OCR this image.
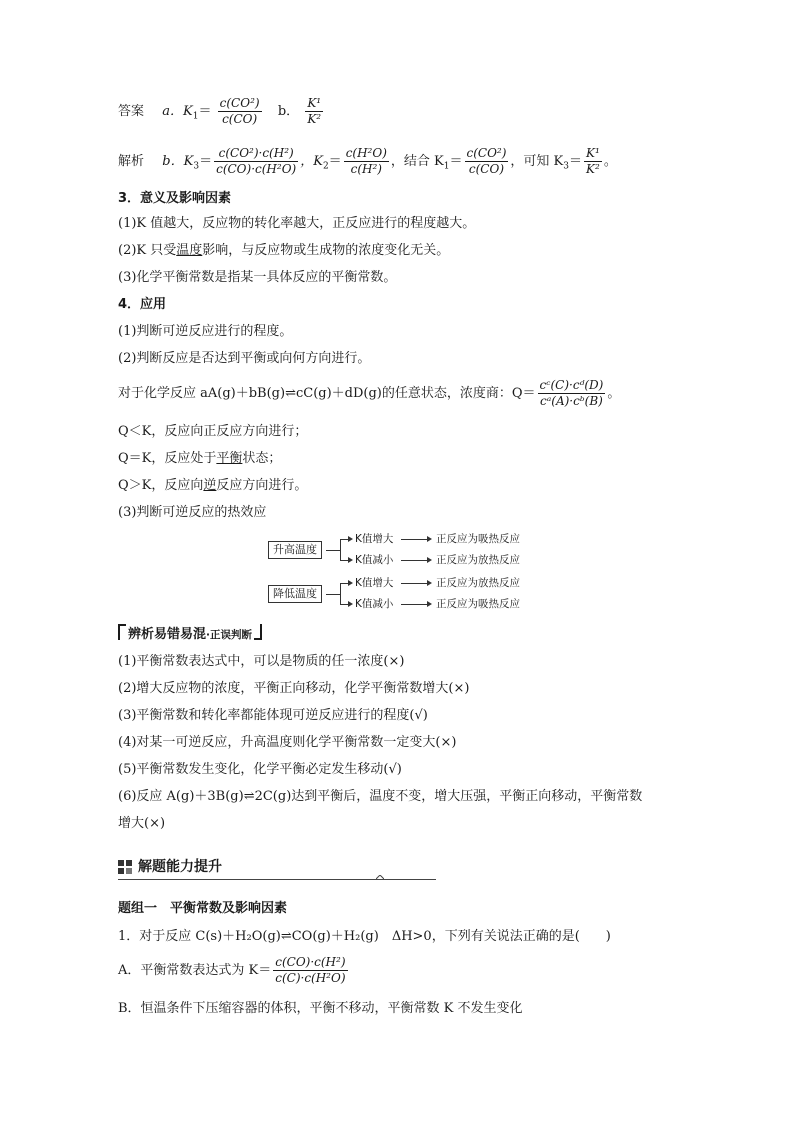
答案 a．$K_1= \frac{\text{c(CO²)}}{c(CO)}$ b． $\frac{\text{K¹}}{\text{K²}}$
解析 b．$K_3= \frac{\text{c(CO²)·c(H²)}}{\text{c(CO)·c(H²O)}}$ ，$K_2= \frac{\text{c(H²O)}}{\text{c(H²)}}$ ，结合 $K_1= \frac{\text{c(CO²)}}{c(CO)}$ ，可知 $K_3= \frac{\text{K¹}}{\text{K²}}$ 。
3．意义及影响因素
(1)K 值越大，反应物的转化率越大，正反应进行的程度越大。
(2)K 只受温度影响，与反应物或生成物的浓度变化无关。
(3)化学平衡常数是指某一具体反应的平衡常数。
4．应用
(1)判断可逆反应进行的程度。
(2)判断反应是否达到平衡或向何方向进行。
对于化学反应 aA(g)＋bB(g)⇌cC(g)＋dD(g)的任意状态，浓度商：$Q= \frac{\text{cᶜ(C)·cᵈ(D)}}{\text{cᵃ(A)·cᵇ(B)}}$ 。
Q＜K，反应向正反应方向进行；
Q＝K，反应处于平衡状态；
Q＞K，反应向逆反应方向进行。
(3)判断可逆反应的热效应
升高温度
降低温度
K值增大
K值减小
正反应为吸热反应
正反应为放热反应
K值增大
K值减小
正反应为放热反应
正反应为吸热反应
辨析易错易混·正误判断
(1)平衡常数表达式中，可以是物质的任一浓度(×)
(2)增大反应物的浓度，平衡正向移动，化学平衡常数增大(×)
(3)平衡常数和转化率都能体现可逆反应进行的程度(√)
(4)对某一可逆反应，升高温度则化学平衡常数一定变大(×)
(5)平衡常数发生变化，化学平衡必定发生移动(√)
(6)反应 A(g)＋3B(g)⇌2C(g)达到平衡后，温度不变，增大压强，平衡正向移动，平衡常数
增大(×)
解题能力提升
题组一　平衡常数及影响因素
1．对于反应 C(s)＋H₂O(g)⇌CO(g)＋H₂(g)　ΔH>0，下列有关说法正确的是(　　)
A．平衡常数表达式为 $K= \frac{\text{c(CO)·c(H²)}}{\text{c(C)·c(H²O)}}$
B．恒温条件下压缩容器的体积，平衡不移动，平衡常数 K 不发生变化
